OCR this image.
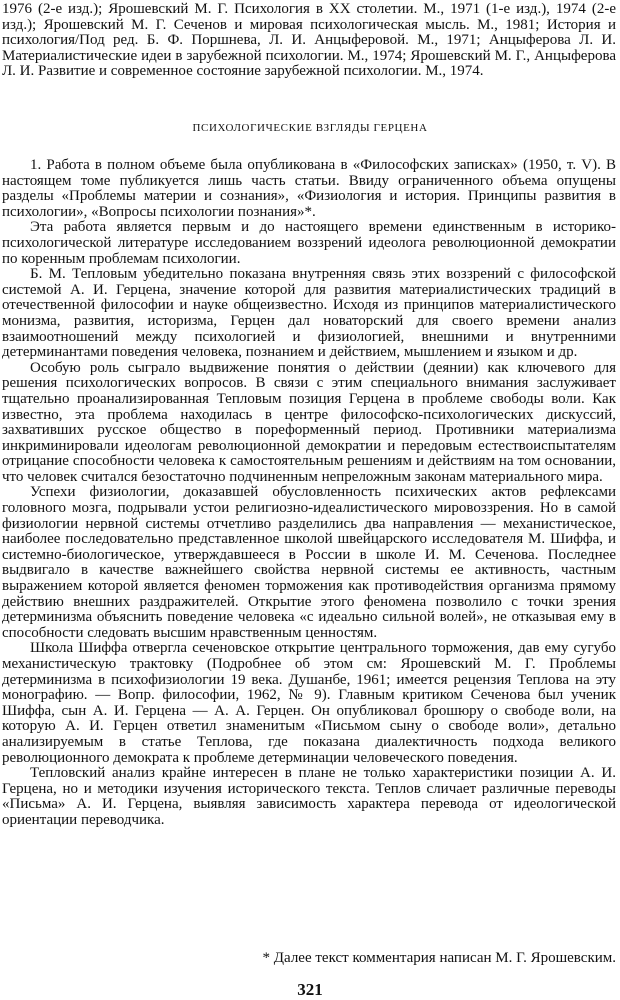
1976 (2-е изд.); Ярошевский М. Г. Психология в XX столетии. М., 1971 (1-е изд.), 1974 (2-е изд.); Ярошевский М. Г. Сеченов и мировая психологическая мысль. М., 1981; История и психология/Под ред. Б. Ф. Поршнева, Л. И. Анцыферовой. М., 1971; Анцыферова Л. И. Материалистические идеи в зарубежной психологии. М., 1974; Ярошевский М. Г., Анцыферова Л. И. Развитие и современное состояние зарубежной психологии. М., 1974.

ПСИХОЛОГИЧЕСКИЕ ВЗГЛЯДЫ ГЕРЦЕНА

1. Работа в полном объеме была опубликована в «Философских записках» (1950, т. V). В настоящем томе публикуется лишь часть статьи. Ввиду ограниченного объема опущены разделы «Проблемы материи и сознания», «Физиология и история. Принципы развития в психологии», «Вопросы психологии познания»*.

Эта работа является первым и до настоящего времени единственным в историко-психологической литературе исследованием воззрений идеолога революционной демократии по коренным проблемам психологии.

Б. М. Тепловым убедительно показана внутренняя связь этих воззрений с философской системой А. И. Герцена, значение которой для развития материалистических традиций в отечественной философии и науке общеизвестно. Исходя из принципов материалистического монизма, развития, историзма, Герцен дал новаторский для своего времени анализ взаимоотношений между психологией и физиологией, внешними и внутренними детерминантами поведения человека, познанием и действием, мышлением и языком и др.

Особую роль сыграло выдвижение понятия о действии (деянии) как ключевого для решения психологических вопросов. В связи с этим специального внимания заслуживает тщательно проанализированная Тепловым позиция Герцена в проблеме свободы воли. Как известно, эта проблема находилась в центре философско-психологических дискуссий, захвативших русское общество в пореформенный период. Противники материализма инкриминировали идеологам революционной демократии и передовым естествоиспытателям отрицание способности человека к самостоятельным решениям и действиям на том основании, что человек считался безостаточно подчиненным непреложным законам материального мира.

Успехи физиологии, доказавшей обусловленность психических актов рефлексами головного мозга, подрывали устои религиозно-идеалистического мировоззрения. Но в самой физиологии нервной системы отчетливо разделились два направления — механистическое, наиболее последовательно представленное школой швейцарского исследователя М. Шиффа, и системно-биологическое, утверждавшееся в России в школе И. М. Сеченова. Последнее выдвигало в качестве важнейшего свойства нервной системы ее активность, частным выражением которой является феномен торможения как противодействия организма прямому действию внешних раздражителей. Открытие этого феномена позволило с точки зрения детерминизма объяснить поведение человека «с идеально сильной волей», не отказывая ему в способности следовать высшим нравственным ценностям.

Школа Шиффа отвергла сеченовское открытие центрального торможения, дав ему сугубо механистическую трактовку (Подробнее об этом см: Ярошевский М. Г. Проблемы детерминизма в психофизиологии 19 века. Душанбе, 1961; имеется рецензия Теплова на эту монографию. — Вопр. философии, 1962, № 9). Главным критиком Сеченова был ученик Шиффа, сын А. И. Герцена — А. А. Герцен. Он опубликовал брошюру о свободе воли, на которую А. И. Герцен ответил знаменитым «Письмом сыну о свободе воли», детально анализируемым в статье Теплова, где показана диалектичность подхода великого революционного демократа к проблеме детерминации человеческого поведения.

Тепловский анализ крайне интересен в плане не только характеристики позиции А. И. Герцена, но и методики изучения исторического текста. Теплов сличает различные переводы «Письма» А. И. Герцена, выявляя зависимость характера перевода от идеологической ориентации переводчика.

* Далее текст комментария написан М. Г. Ярошевским.
321
